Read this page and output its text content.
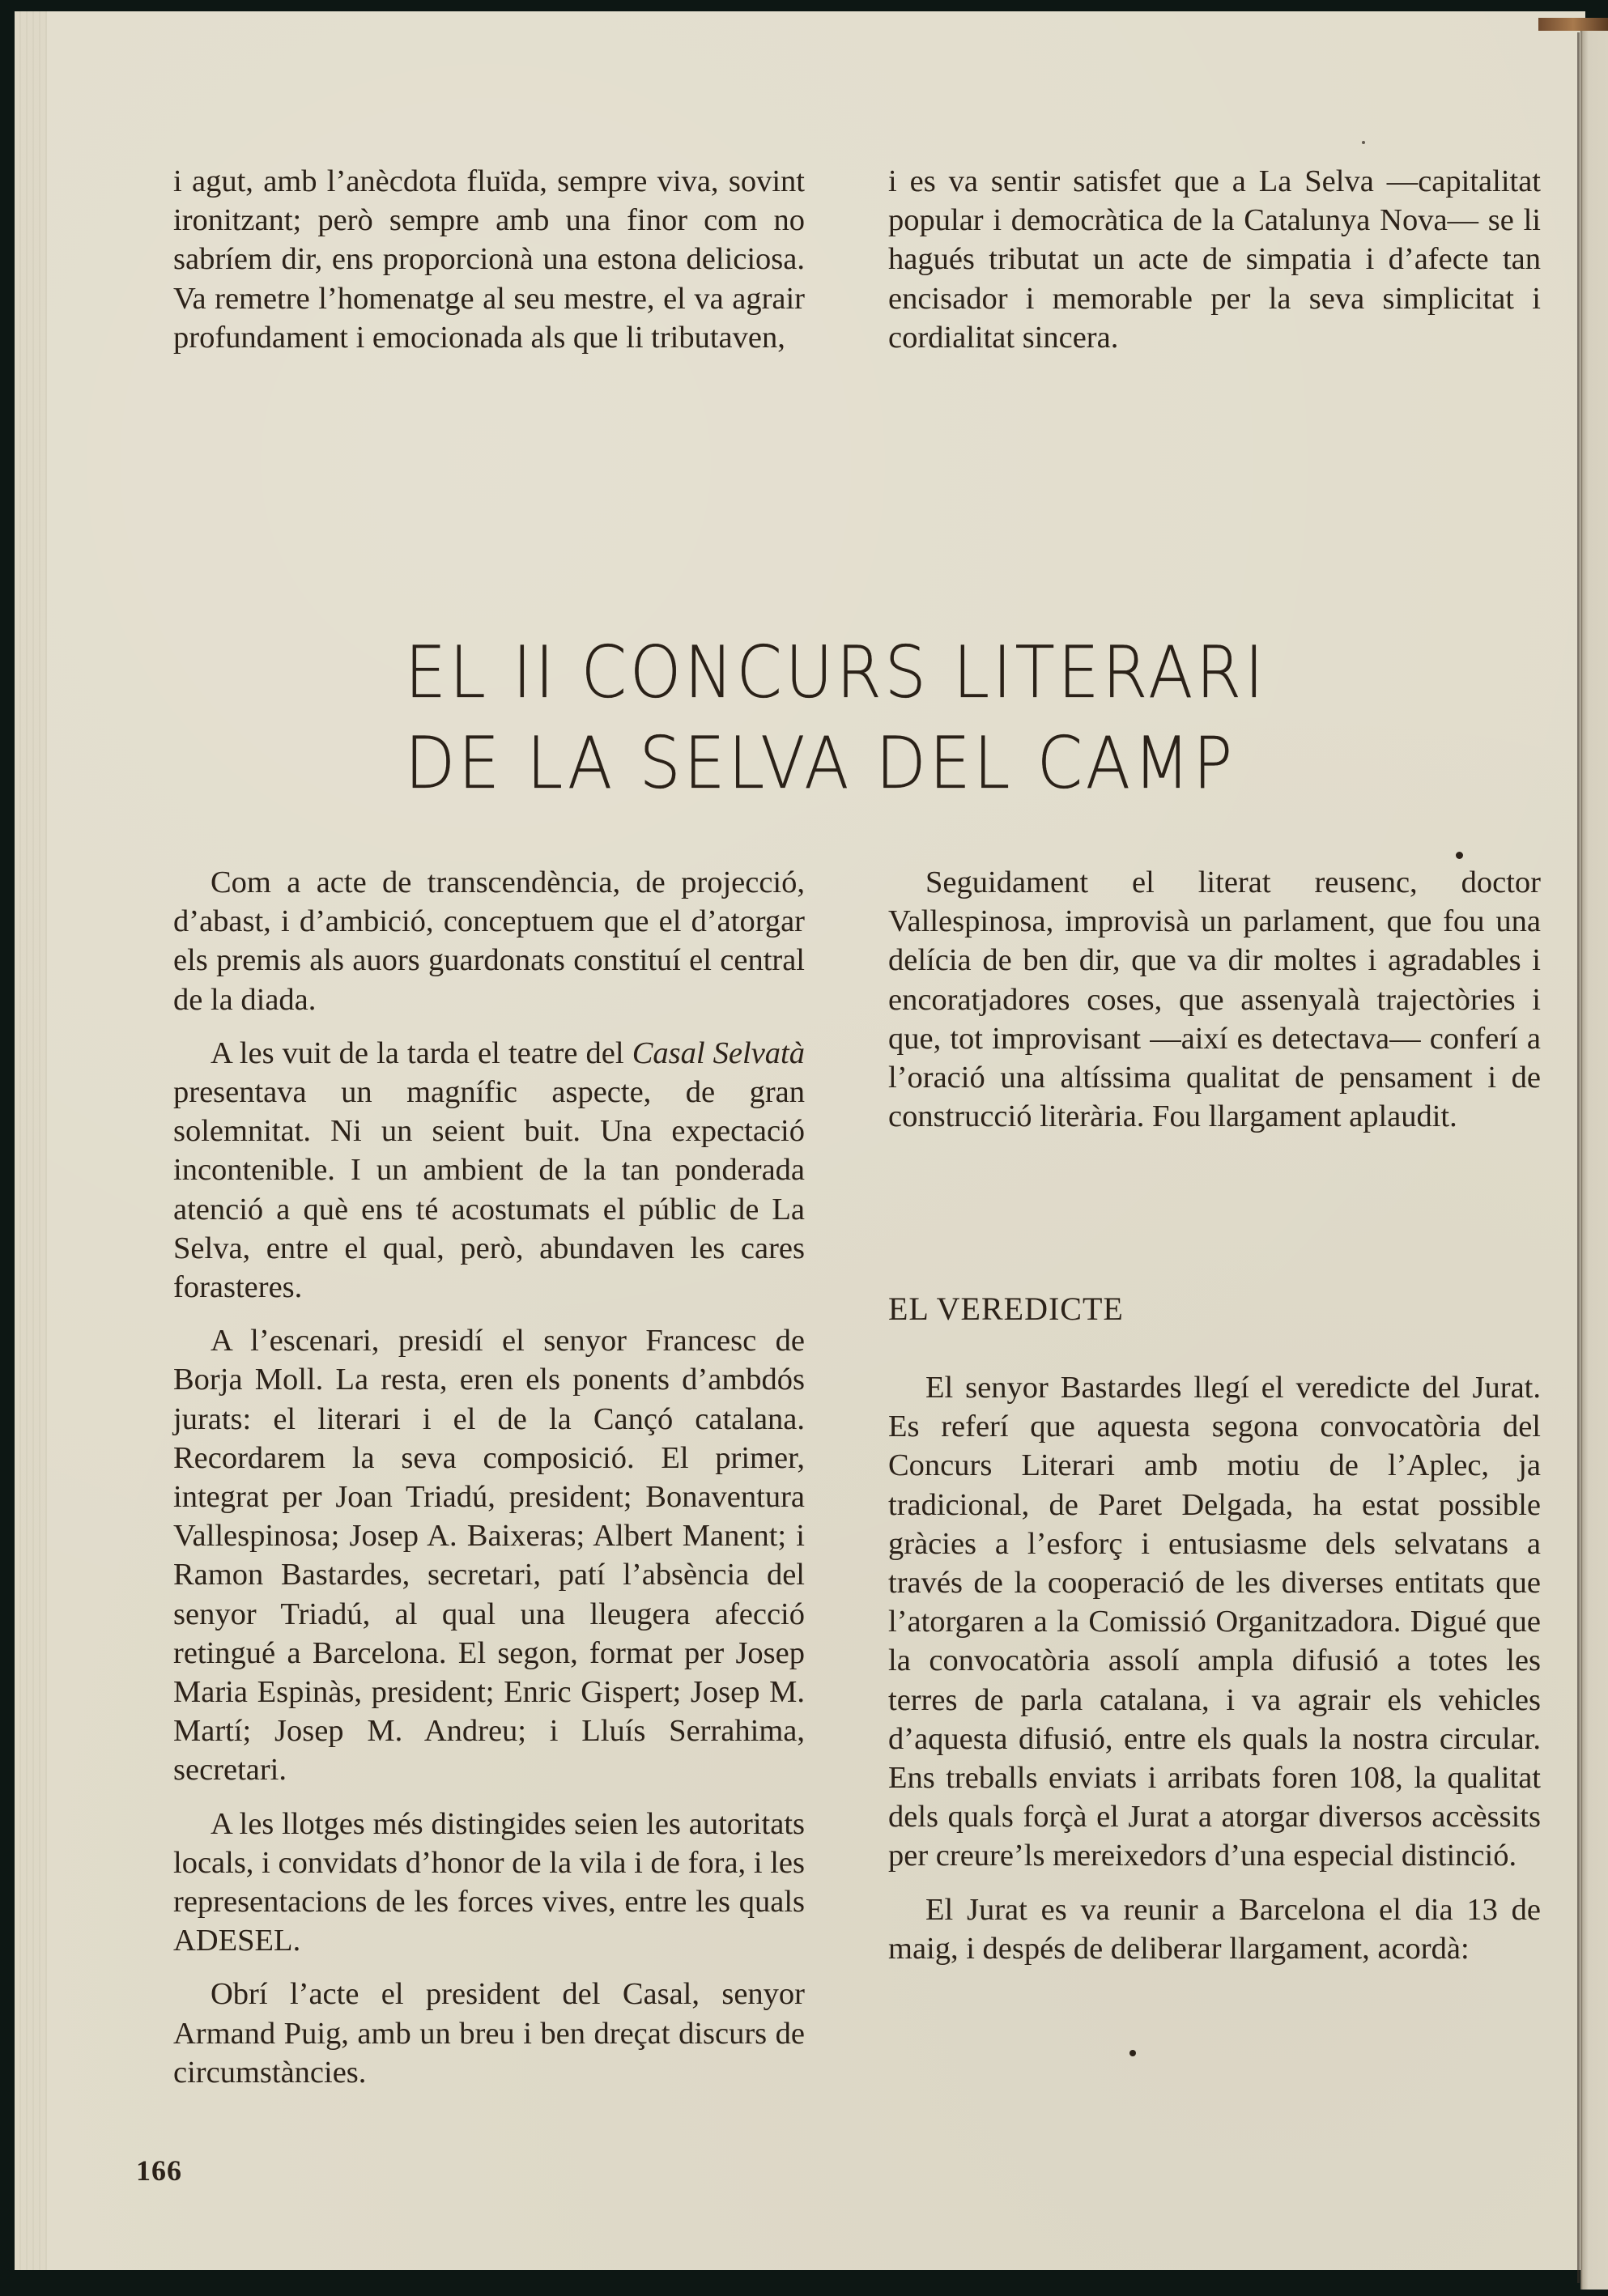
i agut, amb l’anècdota fluïda, sempre viva, sovint ironitzant; però sempre amb una finor com no sabríem dir, ens proporcionà una estona deliciosa. Va remetre l’homenatge al seu mestre, el va agrair profundament i emocionada als que li tributaven,

i es va sentir satisfet que a La Selva —capitalitat popular i democràtica de la Catalunya Nova— se li hagués tributat un acte de simpatia i d’afecte tan encisador i memorable per la seva simplicitat i cordialitat sincera.

EL II CONCURS LITERARI
DE LA SELVA DEL CAMP

Com a acte de transcendència, de projecció, d’abast, i d’ambició, conceptuem que el d’atorgar els premis als auors guardonats constituí el central de la diada.

A les vuit de la tarda el teatre del Casal Selvatà presentava un magnífic aspecte, de gran solemnitat. Ni un seient buit. Una expectació incontenible. I un ambient de la tan ponderada atenció a què ens té acostumats el públic de La Selva, entre el qual, però, abundaven les cares forasteres.

A l’escenari, presidí el senyor Francesc de Borja Moll. La resta, eren els ponents d’ambdós jurats: el literari i el de la Cançó catalana. Recordarem la seva composició. El primer, integrat per Joan Triadú, president; Bonaventura Vallespinosa; Josep A. Baixeras; Albert Manent; i Ramon Bastardes, secretari, patí l’absència del senyor Triadú, al qual una lleugera afecció retingué a Barcelona. El segon, format per Josep Maria Espinàs, president; Enric Gispert; Josep M. Martí; Josep M. Andreu; i Lluís Serrahima, secretari.

A les llotges més distingides seien les autoritats locals, i convidats d’honor de la vila i de fora, i les representacions de les forces vives, entre les quals ADESEL.

Obrí l’acte el president del Casal, senyor Armand Puig, amb un breu i ben dreçat discurs de circumstàncies.

Seguidament el literat reusenc, doctor Vallespinosa, improvisà un parlament, que fou una delícia de ben dir, que va dir moltes i agradables i encoratjadores coses, que assenyalà trajectòries i que, tot improvisant —així es detectava— conferí a l’oració una altíssima qualitat de pensament i de construcció literària. Fou llargament aplaudit.

EL VEREDICTE

El senyor Bastardes llegí el veredicte del Jurat. Es referí que aquesta segona convocatòria del Concurs Literari amb motiu de l’Aplec, ja tradicional, de Paret Delgada, ha estat possible gràcies a l’esforç i entusiasme dels selvatans a través de la cooperació de les diverses entitats que l’atorgaren a la Comissió Organitzadora. Digué que la convocatòria assolí ampla difusió a totes les terres de parla catalana, i va agrair els vehicles d’aquesta difusió, entre els quals la nostra circular. Ens treballs enviats i arribats foren 108, la qualitat dels quals forçà el Jurat a atorgar diversos accèssits per creure’ls mereixedors d’una especial distinció.

El Jurat es va reunir a Barcelona el dia 13 de maig, i despés de deliberar llargament, acordà:

166
